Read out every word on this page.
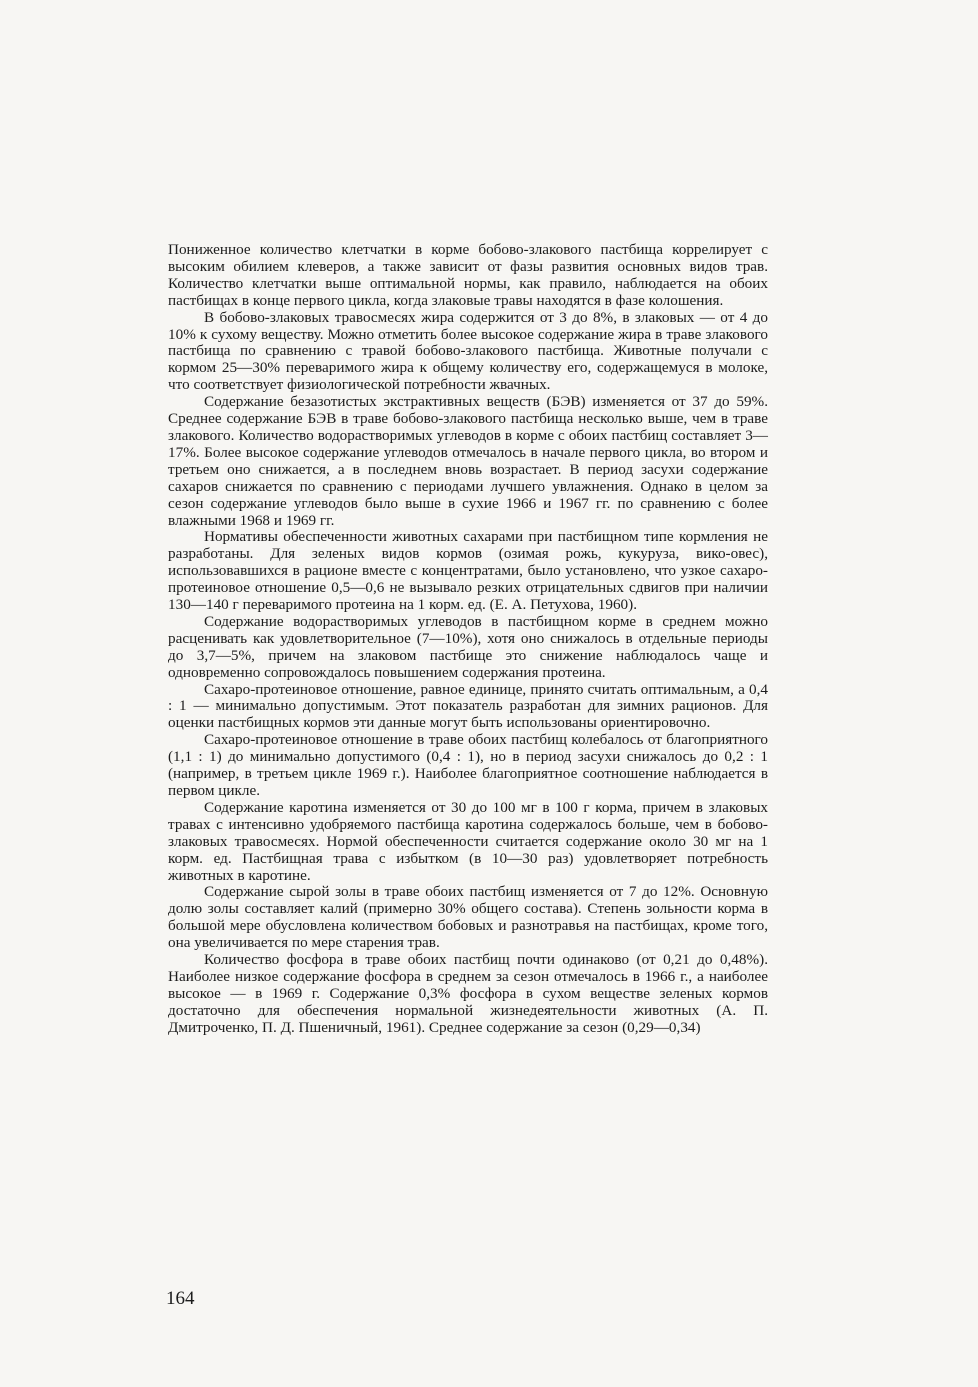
Пониженное количество клетчатки в корме бобово-злакового пастбища коррелирует с высоким обилием клеверов, а также зависит от фазы развития основных видов трав. Количество клетчатки выше оптимальной нормы, как правило, наблюдается на обоих пастбищах в конце первого цикла, когда злаковые травы находятся в фазе колошения.

В бобово-злаковых травосмесях жира содержится от 3 до 8%, в злаковых — от 4 до 10% к сухому веществу. Можно отметить более высокое содержание жира в траве злакового пастбища по сравнению с травой бобово-злакового пастбища. Животные получали с кормом 25—30% переваримого жира к общему количеству его, содержащемуся в молоке, что соответствует физиологической потребности жвачных.

Содержание безазотистых экстрактивных веществ (БЭВ) изменяется от 37 до 59%. Среднее содержание БЭВ в траве бобово-злакового пастбища несколько выше, чем в траве злакового. Количество водорастворимых углеводов в корме с обоих пастбищ составляет 3—17%. Более высокое содержание углеводов отмечалось в начале первого цикла, во втором и третьем оно снижается, а в последнем вновь возрастает. В период засухи содержание сахаров снижается по сравнению с периодами лучшего увлажнения. Однако в целом за сезон содержание углеводов было выше в сухие 1966 и 1967 гг. по сравнению с более влажными 1968 и 1969 гг.

Нормативы обеспеченности животных сахарами при пастбищном типе кормления не разработаны. Для зеленых видов кормов (озимая рожь, кукуруза, вико-овес), использовавшихся в рационе вместе с концентратами, было установлено, что узкое сахаро-протеиновое отношение 0,5—0,6 не вызывало резких отрицательных сдвигов при наличии 130—140 г переваримого протеина на 1 корм. ед. (Е. А. Петухова, 1960).

Содержание водорастворимых углеводов в пастбищном корме в среднем можно расценивать как удовлетворительное (7—10%), хотя оно снижалось в отдельные периоды до 3,7—5%, причем на злаковом пастбище это снижение наблюдалось чаще и одновременно сопровождалось повышением содержания протеина.

Сахаро-протеиновое отношение, равное единице, принято считать оптимальным, а 0,4 : 1 — минимально допустимым. Этот показатель разработан для зимних рационов. Для оценки пастбищных кормов эти данные могут быть использованы ориентировочно.

Сахаро-протеиновое отношение в траве обоих пастбищ колебалось от благоприятного (1,1 : 1) до минимально допустимого (0,4 : 1), но в период засухи снижалось до 0,2 : 1 (например, в третьем цикле 1969 г.). Наиболее благоприятное соотношение наблюдается в первом цикле.

Содержание каротина изменяется от 30 до 100 мг в 100 г корма, причем в злаковых травах с интенсивно удобряемого пастбища каротина содержалось больше, чем в бобово-злаковых травосмесях. Нормой обеспеченности считается содержание около 30 мг на 1 корм. ед. Пастбищная трава с избытком (в 10—30 раз) удовлетворяет потребность животных в каротине.

Содержание сырой золы в траве обоих пастбищ изменяется от 7 до 12%. Основную долю золы составляет калий (примерно 30% общего состава). Степень зольности корма в большой мере обусловлена количеством бобовых и разнотравья на пастбищах, кроме того, она увеличивается по мере старения трав.

Количество фосфора в траве обоих пастбищ почти одинаково (от 0,21 до 0,48%). Наиболее низкое содержание фосфора в среднем за сезон отмечалось в 1966 г., а наиболее высокое — в 1969 г. Содержание 0,3% фосфора в сухом веществе зеленых кормов достаточно для обеспечения нормальной жизнедеятельности животных (А. П. Дмитроченко, П. Д. Пшеничный, 1961). Среднее содержание за сезон (0,29—0,34)

164
